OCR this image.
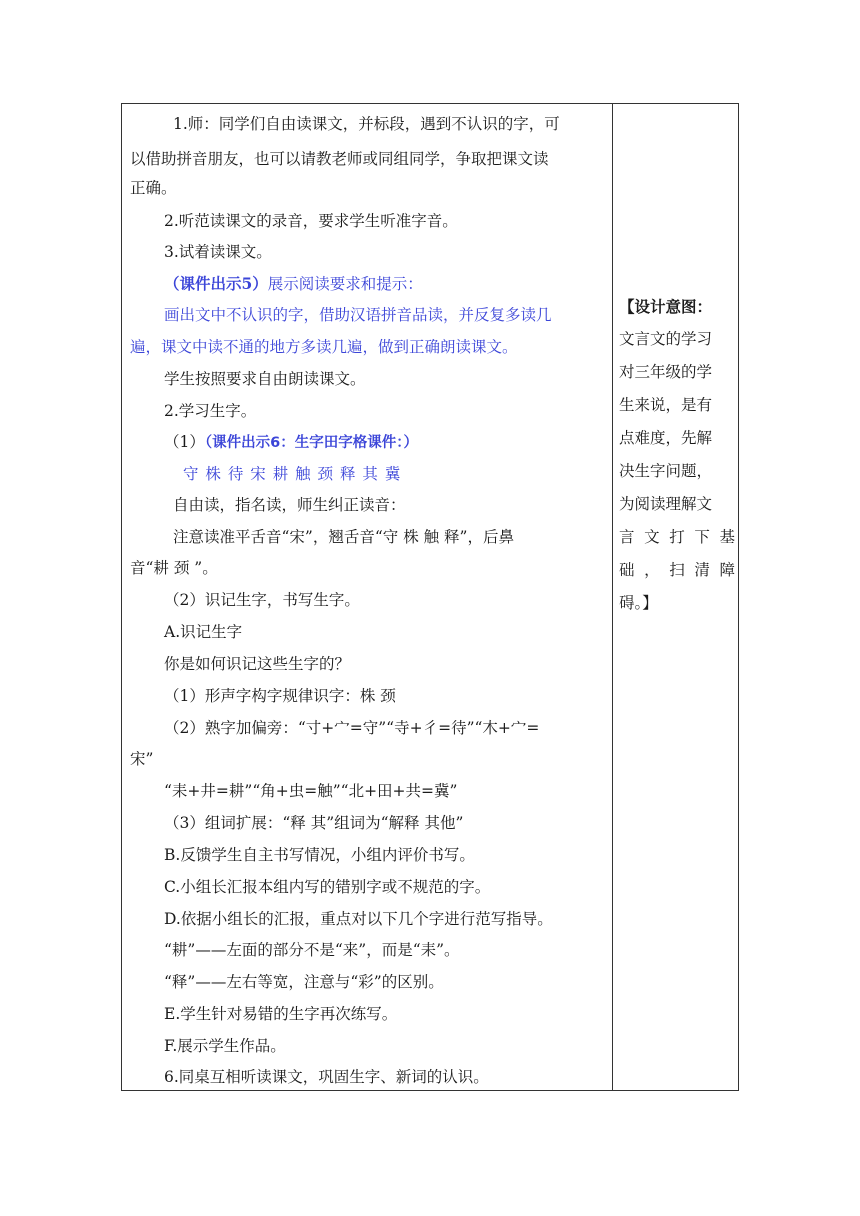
1.师：同学们自由读课文，并标段，遇到不认识的字，可
以借助拼音朋友，也可以请教老师或同组同学，争取把课文读
正确。
2.听范读课文的录音，要求学生听准字音。
3.试着读课文。
（课件出示5）展示阅读要求和提示：
画出文中不认识的字，借助汉语拼音品读，并反复多读几
遍，课文中读不通的地方多读几遍，做到正确朗读课文。
学生按照要求自由朗读课文。
2.学习生字。
（1）（课件出示6：生字田字格课件：）
守 株 待 宋 耕 触 颈 释 其 冀
自由读，指名读，师生纠正读音：
注意读准平舌音“宋”，翘舌音“守 株 触 释”，后鼻
音“耕 颈 ”。
（2）识记生字，书写生字。
A.识记生字
你是如何识记这些生字的？
（1）形声字构字规律识字：株 颈
（2）熟字加偏旁：“寸+宀=守”“寺+彳=待”“木+宀=
宋”
“耒+井=耕”“角+虫=触”“北+田+共=冀”
（3）组词扩展：“释 其”组词为“解释 其他”
B.反馈学生自主书写情况，小组内评价书写。
C.小组长汇报本组内写的错别字或不规范的字。
D.依据小组长的汇报，重点对以下几个字进行范写指导。
“耕”——左面的部分不是“来”，而是“耒”。
“释”——左右等宽，注意与“彩”的区别。
E.学生针对易错的生字再次练写。
F.展示学生作品。
6.同桌互相听读课文，巩固生字、新词的认识。
【设计意图：
文言文的学习
对三年级的学
生来说，是有
点难度，先解
决生字问题，
为阅读理解文
言文打下基
础，扫清障
碍。】
